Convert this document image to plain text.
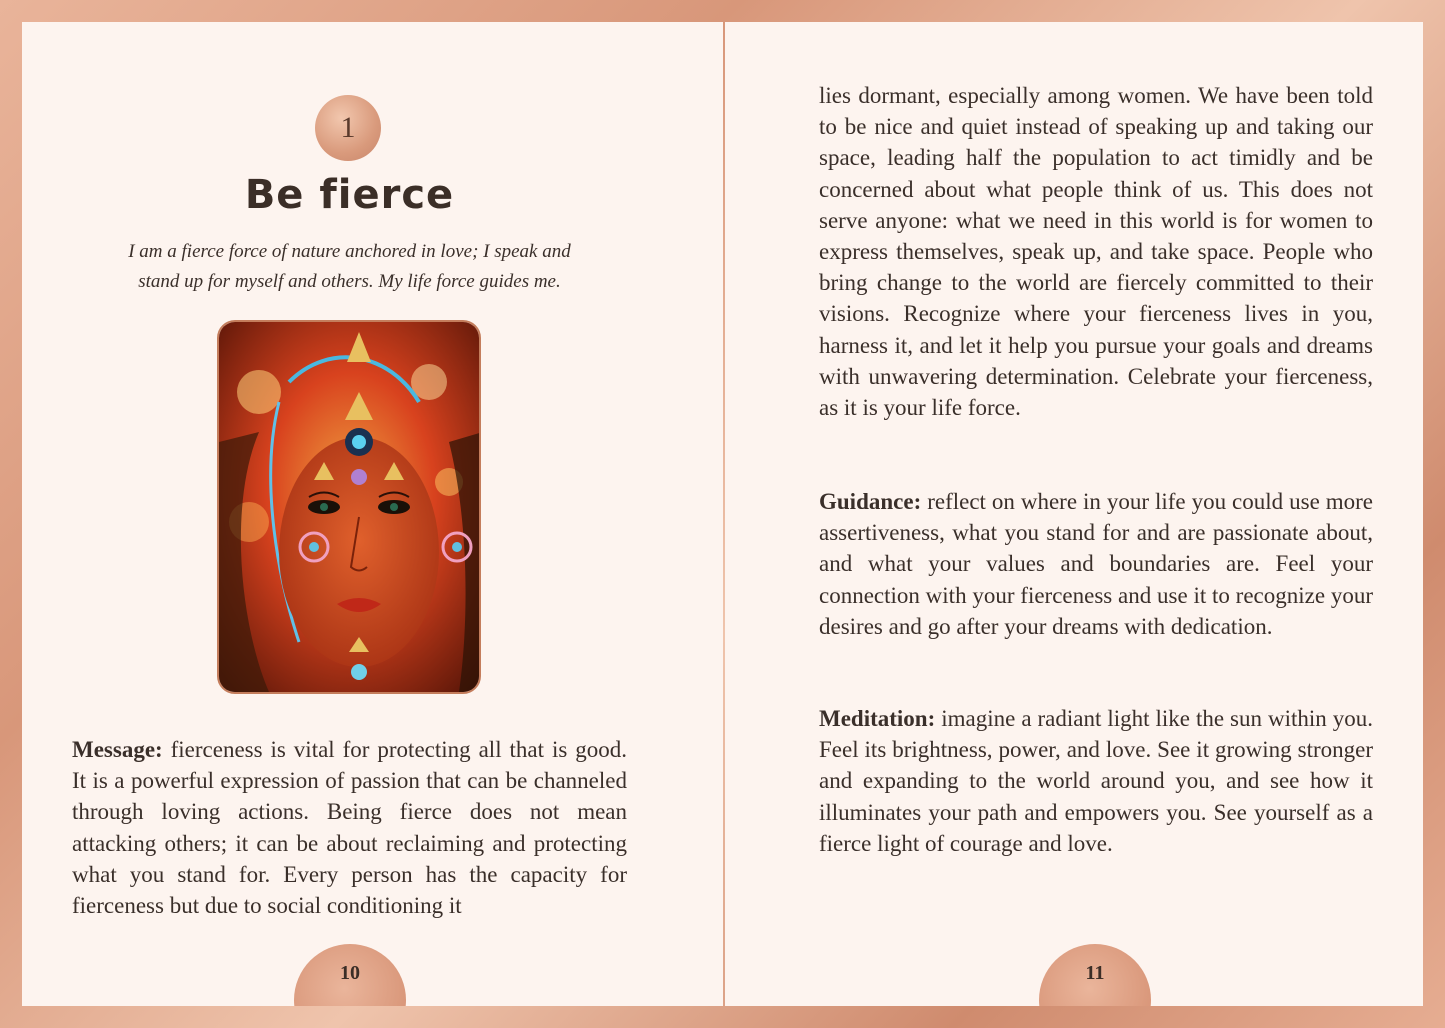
1
Be fierce
I am a fierce force of nature anchored in love; I speak and stand up for myself and others. My life force guides me.

Message: fierceness is vital for protecting all that is good. It is a powerful expression of passion that can be channeled through loving actions. Being fierce does not mean attacking others; it can be about reclaiming and protecting what you stand for. Every person has the capacity for fierceness but due to social conditioning it

10

lies dormant, especially among women. We have been told to be nice and quiet instead of speaking up and taking our space, leading half the population to act timidly and be concerned about what people think of us. This does not serve anyone: what we need in this world is for women to express themselves, speak up, and take space. People who bring change to the world are fiercely committed to their visions. Recognize where your fierceness lives in you, harness it, and let it help you pursue your goals and dreams with unwavering determination. Celebrate your fierceness, as it is your life force.

Guidance: reflect on where in your life you could use more assertiveness, what you stand for and are passionate about, and what your values and boundaries are. Feel your connection with your fierceness and use it to recognize your desires and go after your dreams with dedication.

Meditation: imagine a radiant light like the sun within you. Feel its brightness, power, and love. See it growing stronger and expanding to the world around you, and see how it illuminates your path and empowers you. See yourself as a fierce light of courage and love.

11
